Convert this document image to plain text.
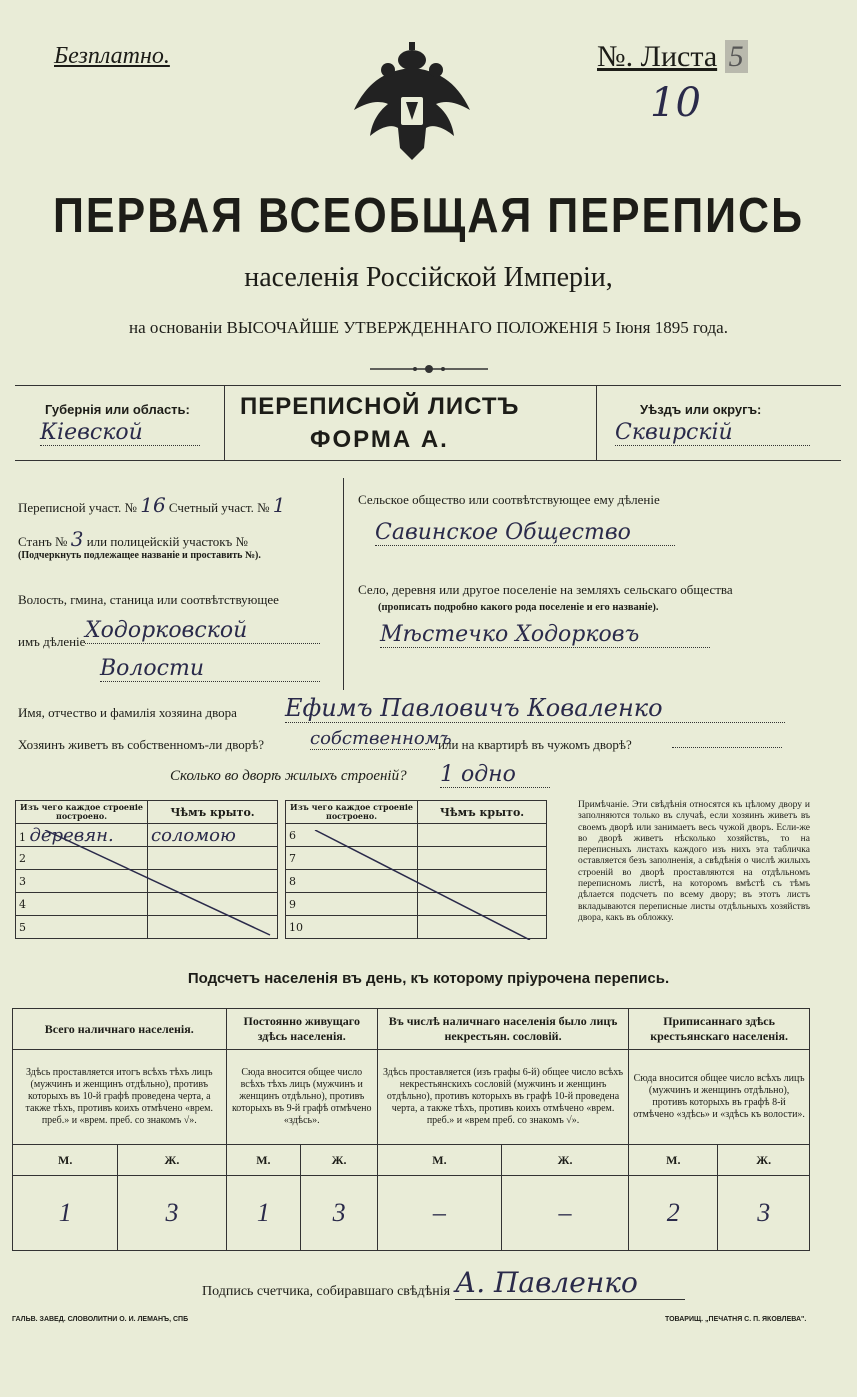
Безплатно.	№. Листа 5
10
ПЕРВАЯ ВСЕОБЩАЯ ПЕРЕПИСЬ
населенія Россійской Имперіи,
на основаніи ВЫСОЧАЙШЕ УТВЕРЖДЕННАГО ПОЛОЖЕНІЯ 5 Іюня 1895 года.
Губернія или область:
Кіевской
ПЕРЕПИСНОЙ ЛИСТЪ
ФОРМА А.
Уѣздъ или округъ:
Сквирскій
Переписной участ. № 16 Счетный участ. № 1
Станъ № 3 или полицейскій участокъ №
(Подчеркнуть подлежащее названіе и проставить №).
Волость, гмина, станица или соотвѣтствующее
имъ дѣленіе Ходорковской
Волости
Сельское общество или соотвѣтствующее ему дѣленіе
Савинское Общество
Село, деревня или другое поселеніе на земляхъ сельскаго общества
(прописать подробно какого рода поселеніе и его названіе).
Мѣстечко Ходорковъ
Имя, отчество и фамилія хозяина двора Ефимъ Павловичъ Коваленко
Хозяинъ живетъ въ собственномъ-ли дворѣ?	собственномъ
или на квартирѣ въ чужомъ дворѣ?
Сколько во дворѣ жилыхъ строеній? 1 одно
Изъ чего каждое строеніе построено.	Чѣмъ крыто.
1 деревян.	соломою
2	
3	
4	
5	
Изъ чего каждое строеніе построено.	Чѣмъ крыто.
6	
7	
8	
9	
10	
Примѣчаніе. Эти свѣдѣнія относятся къ цѣлому двору и заполняются только въ случаѣ, если хозяинъ живетъ въ своемъ дворѣ или занимаетъ весь чужой дворъ. Если-же во дворѣ живетъ нѣсколько хозяйствъ, то на переписныхъ листахъ каждого изъ нихъ эта табличка оставляется безъ заполненія, а свѣдѣнія о числѣ жилыхъ строеній во дворѣ проставляются на отдѣльномъ переписномъ листѣ, на которомъ вмѣстѣ съ тѣмъ дѣлается подсчетъ по всему двору; въ этотъ листъ вкладываются переписные листы отдѣльныхъ хозяйствъ двора, какъ въ обложку.
Подсчетъ населенія въ день, къ которому пріурочена перепись.
Всего наличнаго населенія.		Постоянно живущаго здѣсь населенія.		Въ числѣ наличнаго населенія было лицъ некрестьян. сословій.		Приписаннаго здѣсь крестьянскаго населенія.	
Здѣсь проставляется итогъ всѣхъ тѣхъ лицъ (мужчинъ и женщинъ отдѣльно), противъ которыхъ въ 10-й графѣ проведена черта, а также тѣхъ, противъ коихъ отмѣчено «врем. преб.» и «врем. преб. со знакомъ √».		Сюда вносится общее число всѣхъ тѣхъ лицъ (мужчинъ и женщинъ отдѣльно), противъ которыхъ въ 9-й графѣ отмѣчено «здѣсь».		Здѣсь проставляется (изъ графы 6-й) общее число всѣхъ некрестьянскихъ сословій (мужчинъ и женщинъ отдѣльно), противъ которыхъ въ графѣ 10-й проведена черта, а также тѣхъ, противъ коихъ отмѣчено «врем. преб.» и «врем преб. со знакомъ √».		Сюда вносится общее число всѣхъ лицъ (мужчинъ и женщинъ отдѣльно), противъ которыхъ въ графѣ 8-й отмѣчено «здѣсь» и «здѣсь къ волости».	
М.	Ж.	М.	Ж.	М.	Ж.	М.	Ж.
1	3	1	3	–	–	2	3
Подпись счетчика, собиравшаго свѣдѣнія А. Павленко
ГАЛЬВ. ЗАВЕД. СЛОВОЛИТНИ О. И. ЛЕМАНЪ, СПБ	ТОВАРИЩ. „ПЕЧАТНЯ С. П. ЯКОВЛЕВА".
